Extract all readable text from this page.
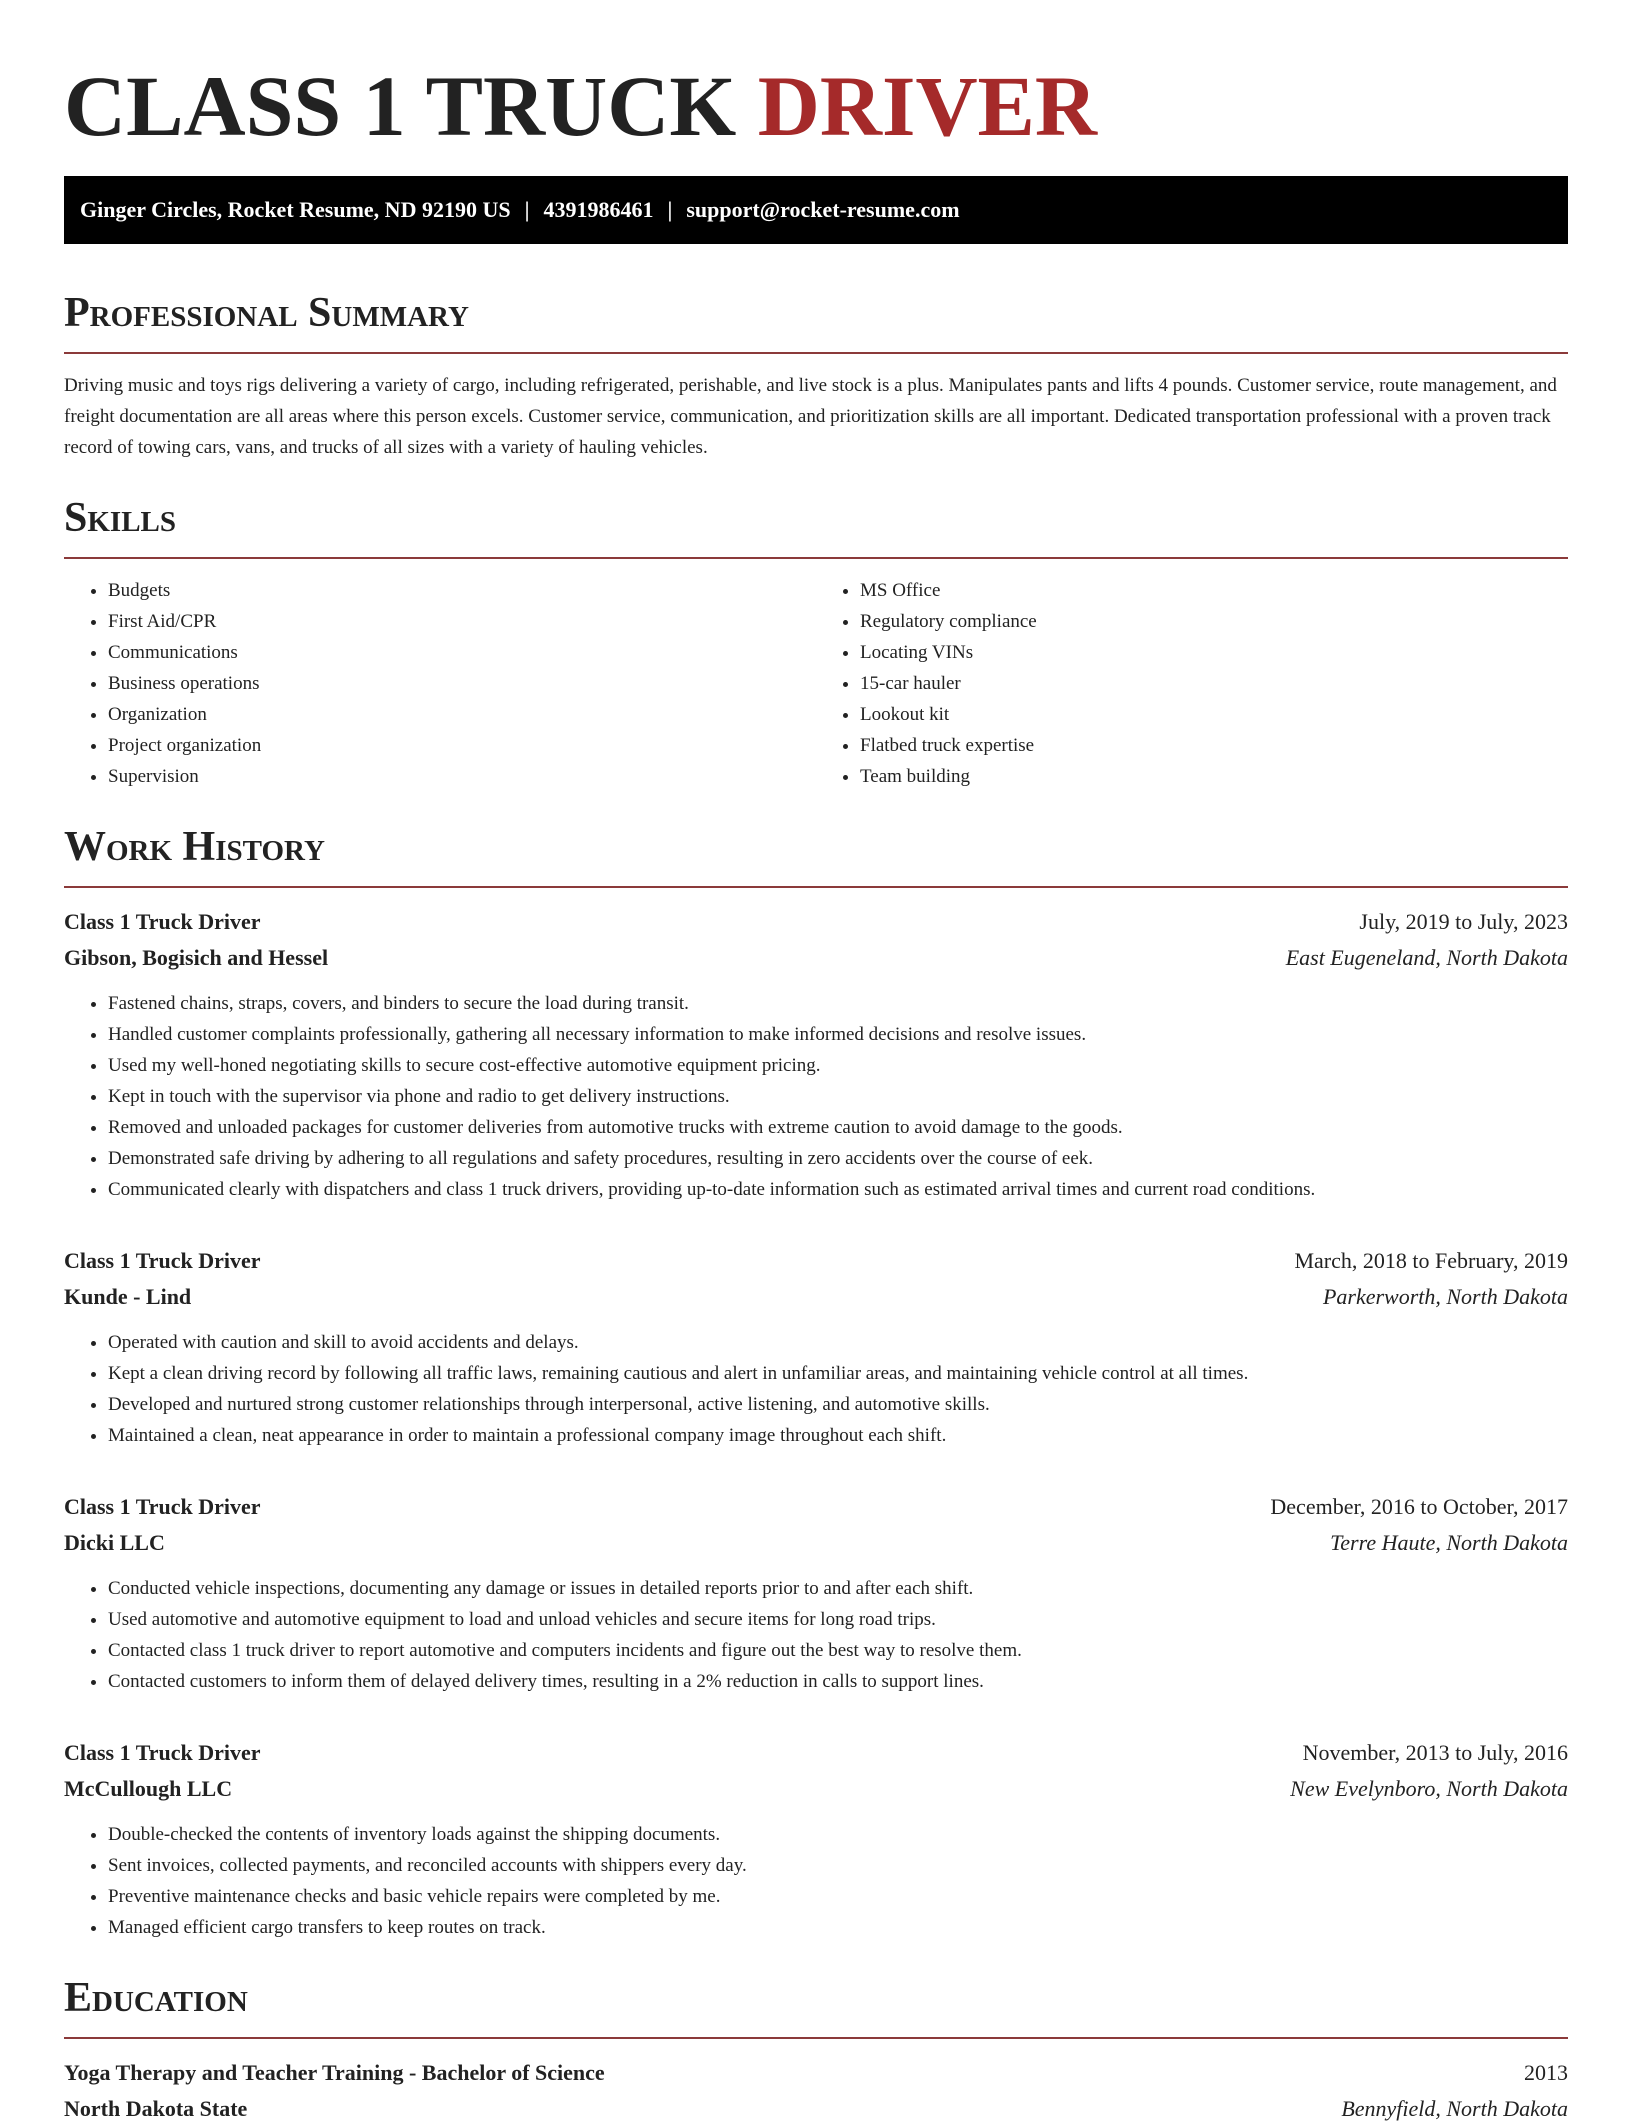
CLASS 1 TRUCK DRIVER
Ginger Circles, Rocket Resume, ND 92190 US | 4391986461 | support@rocket-resume.com
Professional Summary

Driving music and toys rigs delivering a variety of cargo, including refrigerated, perishable, and live stock is a plus. Manipulates pants and lifts 4 pounds. Customer service, route management, and freight documentation are all areas where this person excels. Customer service, communication, and prioritization skills are all important. Dedicated transportation professional with a proven track record of towing cars, vans, and trucks of all sizes with a variety of hauling vehicles.

Skills
• Budgets
• First Aid/CPR
• Communications
• Business operations
• Organization
• Project organization
• Supervision
• MS Office
• Regulatory compliance
• Locating VINs
• 15-car hauler
• Lookout kit
• Flatbed truck expertise
• Team building
Work History
Class 1 Truck Driver	July, 2019 to July, 2023
Gibson, Bogisich and Hessel	East Eugeneland, North Dakota
• Fastened chains, straps, covers, and binders to secure the load during transit.
• Handled customer complaints professionally, gathering all necessary information to make informed decisions and resolve issues.
• Used my well-honed negotiating skills to secure cost-effective automotive equipment pricing.
• Kept in touch with the supervisor via phone and radio to get delivery instructions.
• Removed and unloaded packages for customer deliveries from automotive trucks with extreme caution to avoid damage to the goods.
• Demonstrated safe driving by adhering to all regulations and safety procedures, resulting in zero accidents over the course of eek.
• Communicated clearly with dispatchers and class 1 truck drivers, providing up-to-date information such as estimated arrival times and current road conditions.
Class 1 Truck Driver	March, 2018 to February, 2019
Kunde - Lind	Parkerworth, North Dakota
• Operated with caution and skill to avoid accidents and delays.
• Kept a clean driving record by following all traffic laws, remaining cautious and alert in unfamiliar areas, and maintaining vehicle control at all times.
• Developed and nurtured strong customer relationships through interpersonal, active listening, and automotive skills.
• Maintained a clean, neat appearance in order to maintain a professional company image throughout each shift.
Class 1 Truck Driver	December, 2016 to October, 2017
Dicki LLC	Terre Haute, North Dakota
• Conducted vehicle inspections, documenting any damage or issues in detailed reports prior to and after each shift.
• Used automotive and automotive equipment to load and unload vehicles and secure items for long road trips.
• Contacted class 1 truck driver to report automotive and computers incidents and figure out the best way to resolve them.
• Contacted customers to inform them of delayed delivery times, resulting in a 2% reduction in calls to support lines.
Class 1 Truck Driver	November, 2013 to July, 2016
McCullough LLC	New Evelynboro, North Dakota
• Double-checked the contents of inventory loads against the shipping documents.
• Sent invoices, collected payments, and reconciled accounts with shippers every day.
• Preventive maintenance checks and basic vehicle repairs were completed by me.
• Managed efficient cargo transfers to keep routes on track.
Education
Yoga Therapy and Teacher Training - Bachelor of Science	2013
North Dakota State	Bennyfield, North Dakota
